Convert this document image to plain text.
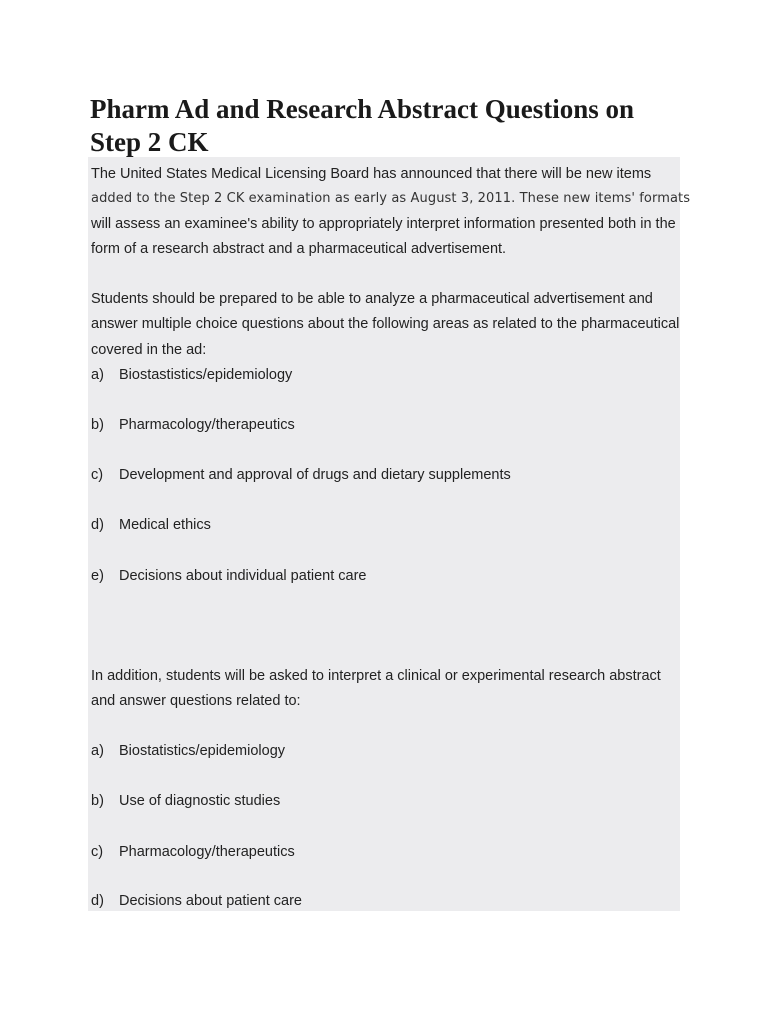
Pharm Ad and Research Abstract Questions on Step 2 CK
The United States Medical Licensing Board has announced that there will be new items
added to the Step 2 CK examination as early as August 3, 2011. These new items' formats
will assess an examinee's ability to appropriately interpret information presented both in the
form of a research abstract and a pharmaceutical advertisement.
Students should be prepared to be able to analyze a pharmaceutical advertisement and
answer multiple choice questions about the following areas as related to the pharmaceutical
covered in the ad:
a) Biostastistics/epidemiology
b) Pharmacology/therapeutics
c) Development and approval of drugs and dietary supplements
d) Medical ethics
e) Decisions about individual patient care
In addition, students will be asked to interpret a clinical or experimental research abstract
and answer questions related to:
a) Biostatistics/epidemiology
b) Use of diagnostic studies
c) Pharmacology/therapeutics
d) Decisions about patient care
